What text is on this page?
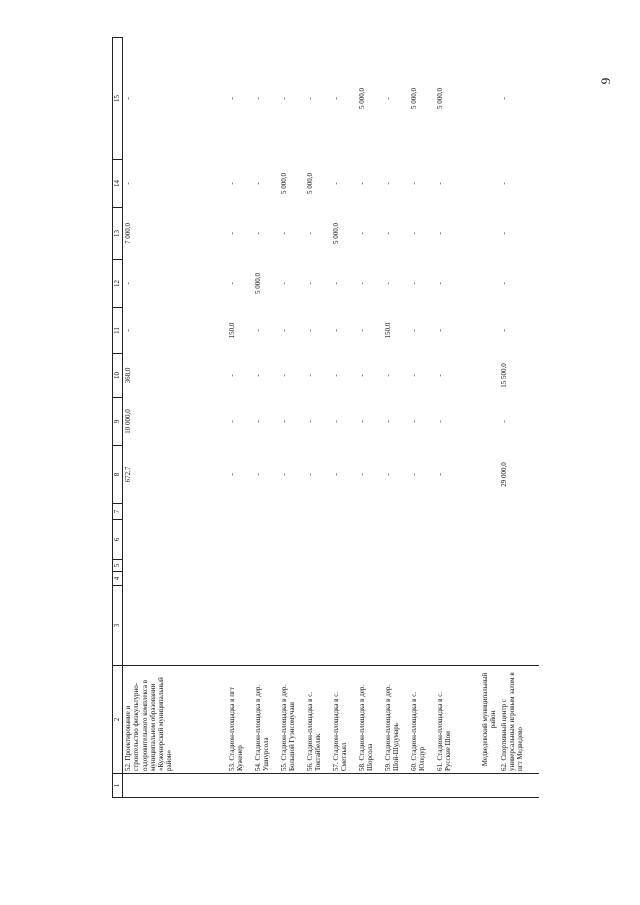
9
1	2	3	4	5	6	7	8	9	10	11	12	13	14	15
	52. Проектирование и строительство физкультурно-оздоровительного комплекса в муниципальном образовании «Куженерский муниципальный район»						672,7	10 000,0	368,0	-	-	7 000,0	-	-
	53. Стадион-площадка в пгт Куженер						-	-	-	150,0	-	-	-	-
	54. Стадион-площадка в дер. Ушнурсола						-	-	-	-	5 000,0	-	-	-
	55. Стадион-площадка в дер. Большой Гуэнсомучаш						-	-	-	-	-	-	5 000,0	-
	56. Стадион-площадка в с. Токтайбеляк						-	-	-	-	-	-	5 000,0	-
	57. Стадион-площадка в с. Сметаьял						-	-	-	-	-	5 000,0	-	-
	58. Стадион-площадка в дер. Шорсола						-	-	-	-	-	-	-	5 000,0
	59. Стадион-площадка в дер. Шой-Шудумарь						-	-	-	150,0	-	-	-	-
	60. Стадион-площадка в с. Юледур						-	-	-	-	-	-	-	5 000,0
	61. Стадион-площадка в с. Русские Шои						-	-	-	-	-	-	-	5 000,0
	Медведевский муниципальный район													
	62. Спортивный центр с универсальным игровым залом в пгт Медведево						29 000,0	-	15 500,0	-	-	-	-	-
